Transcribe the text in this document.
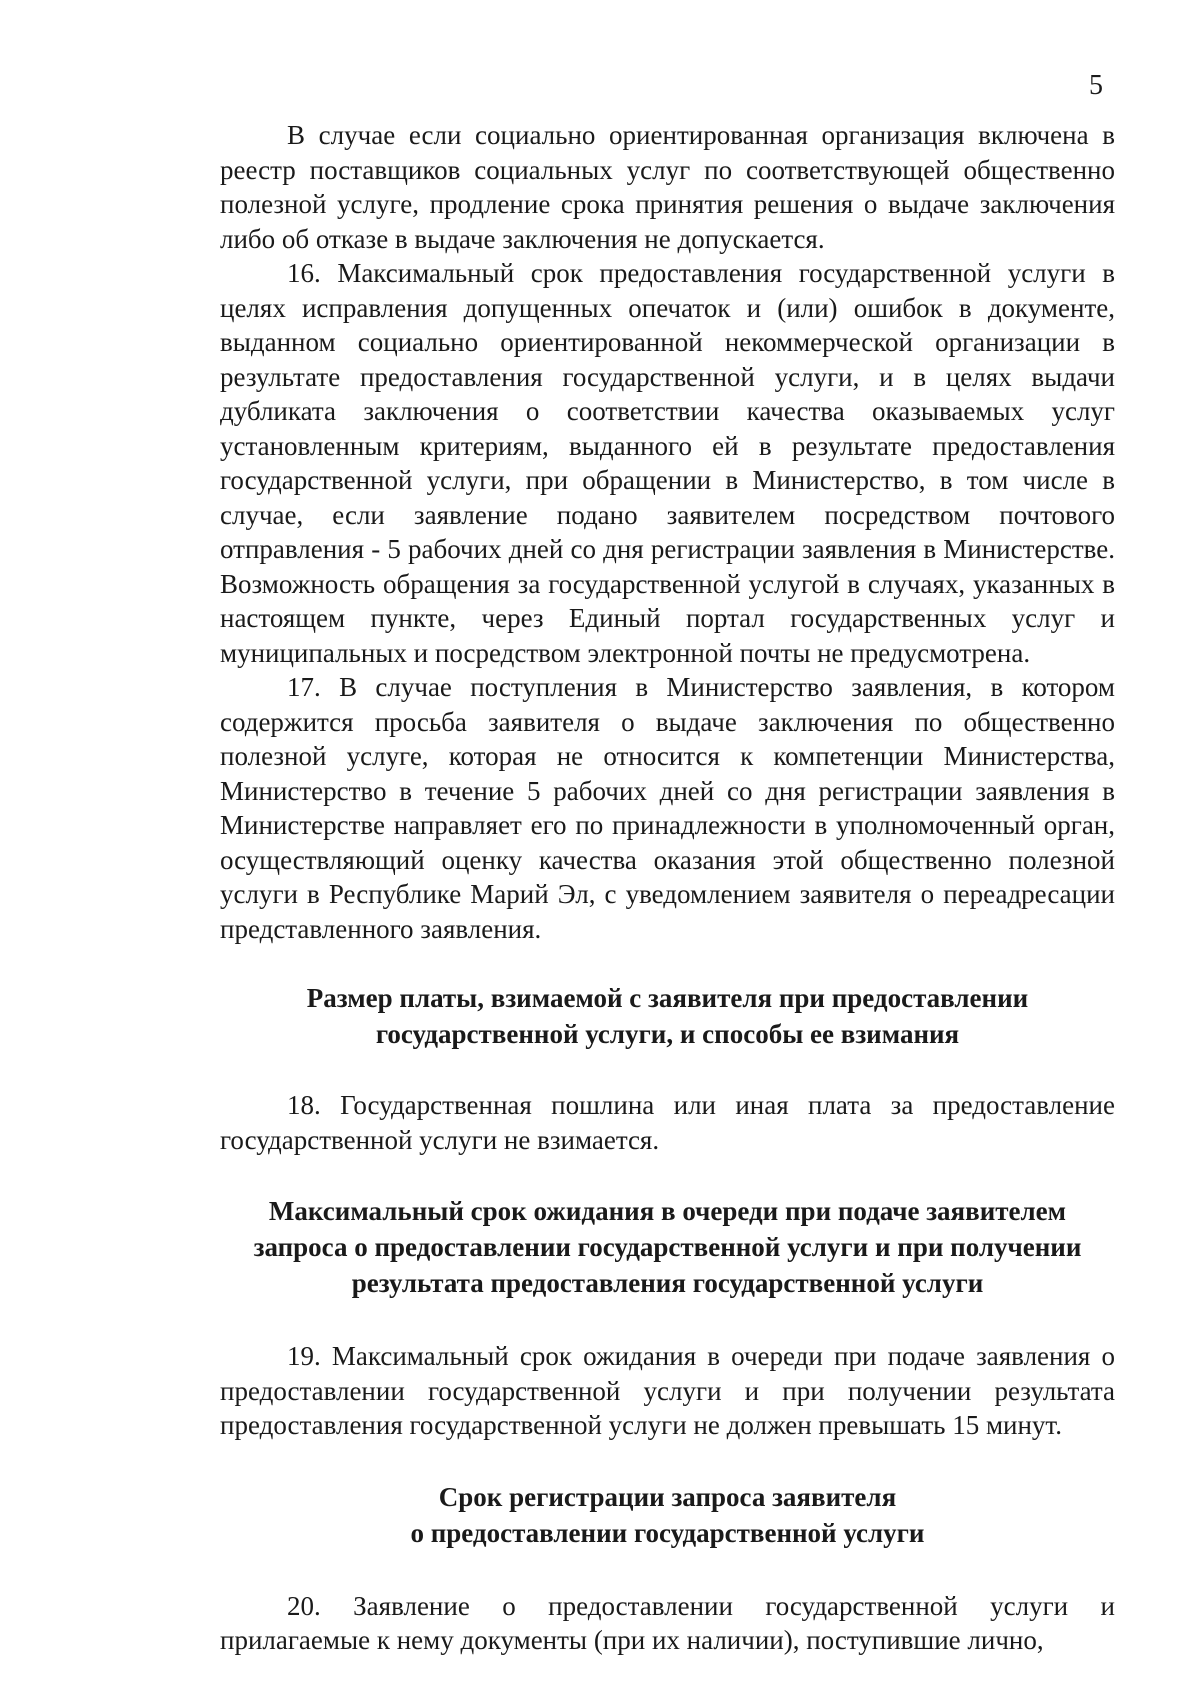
5

В случае если социально ориентированная организация включена в реестр поставщиков социальных услуг по соответствующей общественно полезной услуге, продление срока принятия решения о выдаче заключения либо об отказе в выдаче заключения не допускается.

16. Максимальный срок предоставления государственной услуги в целях исправления допущенных опечаток и (или) ошибок в документе, выданном социально ориентированной некоммерческой организации в результате предоставления государственной услуги, и в целях выдачи дубликата заключения о соответствии качества оказываемых услуг установленным критериям, выданного ей в результате предоставления государственной услуги, при обращении в Министерство, в том числе в случае, если заявление подано заявителем посредством почтового отправления - 5 рабочих дней со дня регистрации заявления в Министерстве. Возможность обращения за государственной услугой в случаях, указанных в настоящем пункте, через Единый портал государственных услуг и муниципальных и посредством электронной почты не предусмотрена.

17. В случае поступления в Министерство заявления, в котором содержится просьба заявителя о выдаче заключения по общественно полезной услуге, которая не относится к компетенции Министерства, Министерство в течение 5 рабочих дней со дня регистрации заявления в Министерстве направляет его по принадлежности в уполномоченный орган, осуществляющий оценку качества оказания этой общественно полезной услуги в Республике Марий Эл, с уведомлением заявителя о переадресации представленного заявления.

Размер платы, взимаемой с заявителя при предоставлении
государственной услуги, и способы ее взимания

18. Государственная пошлина или иная плата за предоставление государственной услуги не взимается.

Максимальный срок ожидания в очереди при подаче заявителем
запроса о предоставлении государственной услуги и при получении
результата предоставления государственной услуги

19. Максимальный срок ожидания в очереди при подаче заявления о предоставлении государственной услуги и при получении результата предоставления государственной услуги не должен превышать 15 минут.

Срок регистрации запроса заявителя
о предоставлении государственной услуги

20. Заявление о предоставлении государственной услуги и прилагаемые к нему документы (при их наличии), поступившие лично,
